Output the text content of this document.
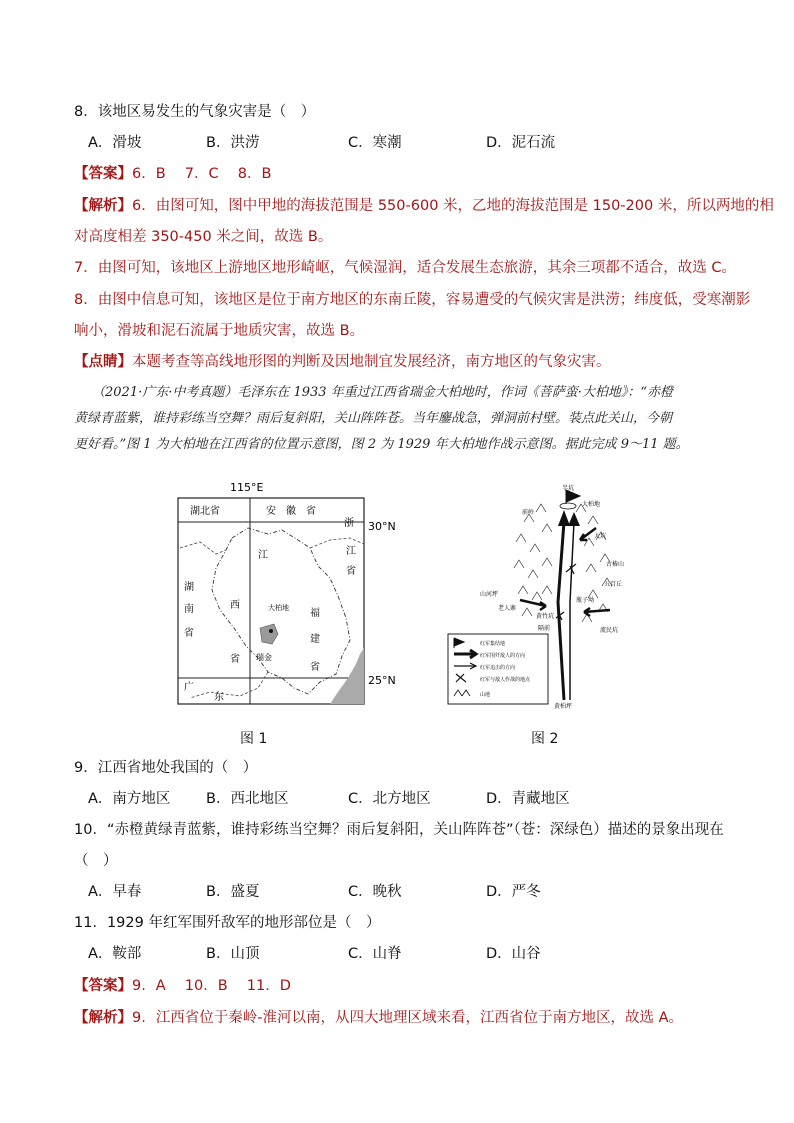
8．该地区易发生的气象灾害是（　）
A．滑坡	B．洪涝	C．寒潮	D．泥石流
【答案】6．B　 7．C　 8．B
【解析】6．由图可知，图中甲地的海拔范围是 550-600 米，乙地的海拔范围是 150-200 米，所以两地的相
对高度相差 350-450 米之间，故选 B。
7．由图可知，该地区上游地区地形崎岖，气候湿润，适合发展生态旅游，其余三项都不适合，故选 C。
8．由图中信息可知，该地区是位于南方地区的东南丘陵，容易遭受的气候灾害是洪涝；纬度低，受寒潮影
响小，滑坡和泥石流属于地质灾害，故选 B。
【点睛】本题考查等高线地形图的判断及因地制宜发展经济，南方地区的气象灾害。
（2021·广东·中考真题）毛泽东在 1933 年重过江西省瑞金大柏地时，作词《菩萨蛮·大柏地》：“赤橙
黄绿青蓝紫，谁持彩练当空舞？雨后复斜阳，关山阵阵苍。当年鏖战急，弹洞前村壁。装点此关山，今朝
更好看。”图 1 为大柏地在江西省的位置示意图，图 2 为 1929 年大柏地作战示意图。据此完成 9～11 题。
115°E
30°N
25°N
湖北省	安　徽　省
浙
江	江
省
湖
南
省
西
省
福
建
省
大柏地
瑞金
广
东
半坑
大柏地
前岭
大坑
古椿山
五百丘
山河坪
老人寨
瓶子坳
黄竹坑
隔前	流民坑
黄柏坪
红军集结地
红军围歼敌人的方向
红军追击的方向
红军与敌人作战的地点
山地
图 1	图 2
9．江西省地处我国的（　）
A．南方地区 B．西北地区	C．北方地区	D．青藏地区
10．“赤橙黄绿青蓝紫，谁持彩练当空舞？雨后复斜阳，关山阵阵苍”（苍：深绿色）描述的景象出现在
（　）
A．早春	B．盛夏	C．晚秋	D．严冬
11．1929 年红军围歼敌军的地形部位是（　）
A．鞍部	B．山顶	C．山脊	D．山谷
【答案】9．A　 10．B　 11．D
【解析】9．江西省位于秦岭-淮河以南，从四大地理区域来看，江西省位于南方地区，故选 A。
